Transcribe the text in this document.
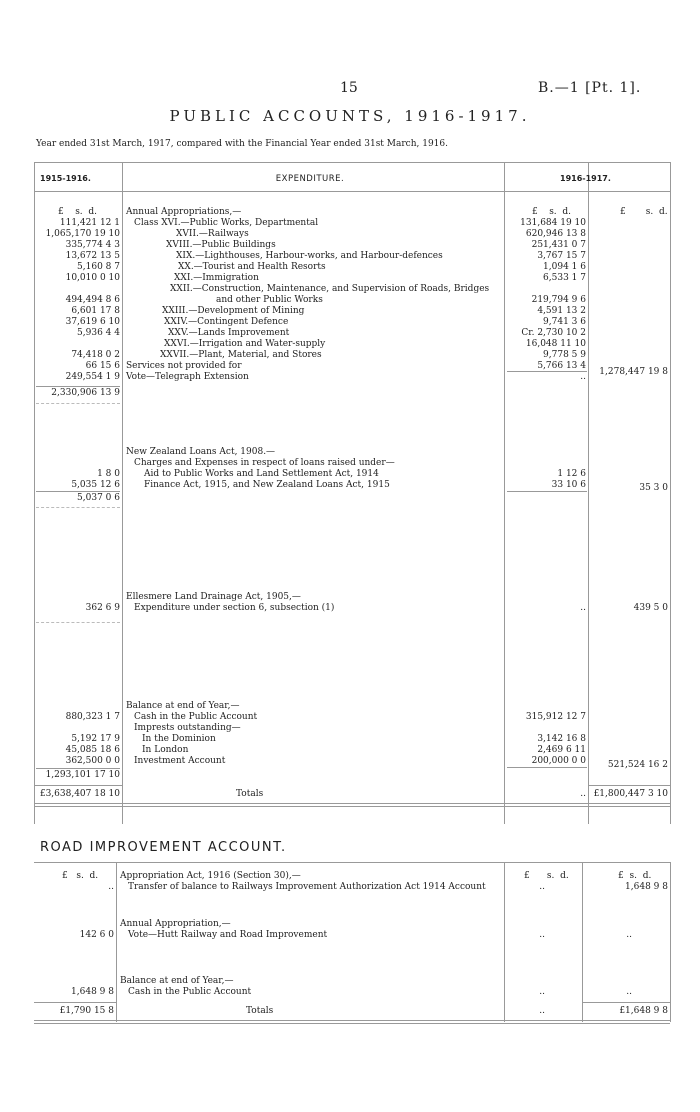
15	B.—1 [Pt. 1].
PUBLIC ACCOUNTS, 1916-1917.
Year ended 31st March, 1917, compared with the Financial Year ended 31st March, 1916.
1915-1916.	EXPENDITURE.	1916-1917.
£ s. d.	£ s. d.	£ s. d.
Annual Appropriations,—
111,421 12 1 Class XVI.—Public Works, Departmental	131,684 19 10
1,065,170 19 10	XVII.—Railways	620,946 13 8
335,774 4 3	XVIII.—Public Buildings	251,431 0 7
13,672 13 5	XIX.—Lighthouses, Harbour-works, and Harbour-defences	3,767 15 7
5,160 8 7	XX.—Tourist and Health Resorts	1,094 1 6
10,010 0 10	XXI.—Immigration	6,533 1 7
XXII.—Construction, Maintenance, and Supervision of Roads, Bridges
494,494 8 6	and other Public Works	219,794 9 6
6,601 17 8	XXIII.—Development of Mining	4,591 13 2
37,619 6 10	XXIV.—Contingent Defence	9,741 3 6
5,936 4 4	XXV.—Lands Improvement	Cr. 2,730 10 2
XXVI.—Irrigation and Water-supply	16,048 11 10
74,418 0 2	XXVII.—Plant, Material, and Stores	9,778 5 9
66 15 6 Services not provided for	5,766 13 4
249,554 1 9 Vote—Telegraph Extension	..	1,278,447 19 8
2,330,906 13 9
New Zealand Loans Act, 1908.—
Charges and Expenses in respect of loans raised under—
1 8 0	Aid to Public Works and Land Settlement Act, 1914	1 12 6
5,035 12 6	Finance Act, 1915, and New Zealand Loans Act, 1915	33 10 6	35 3 0
5,037 0 6
Ellesmere Land Drainage Act, 1905,—
362 6 9 Expenditure under section 6, subsection (1)	..	439 5 0
Balance at end of Year,—
880,323 1 7 Cash in the Public Account	315,912 12 7
Imprests outstanding—
5,192 17 9 In the Dominion	3,142 16 8
45,085 18 6 In London	2,469 6 11
362,500 0 0 Investment Account	200,000 0 0	521,524 16 2
1,293,101 17 10
£3,638,407 18 10	Totals	.. £1,800,447 3 10
ROAD IMPROVEMENT ACCOUNT.
£ s. d.	£ s. d.	£ s. d.
Appropriation Act, 1916 (Section 30),—
.. Transfer of balance to Railways Improvement Authorization Act 1914 Account	..	1,648 9 8
Annual Appropriation,—
142 6 0 Vote—Hutt Railway and Road Improvement	..	..
Balance at end of Year,—
1,648 9 8 Cash in the Public Account	..	..
£1,790 15 8	Totals	..	£1,648 9 8
